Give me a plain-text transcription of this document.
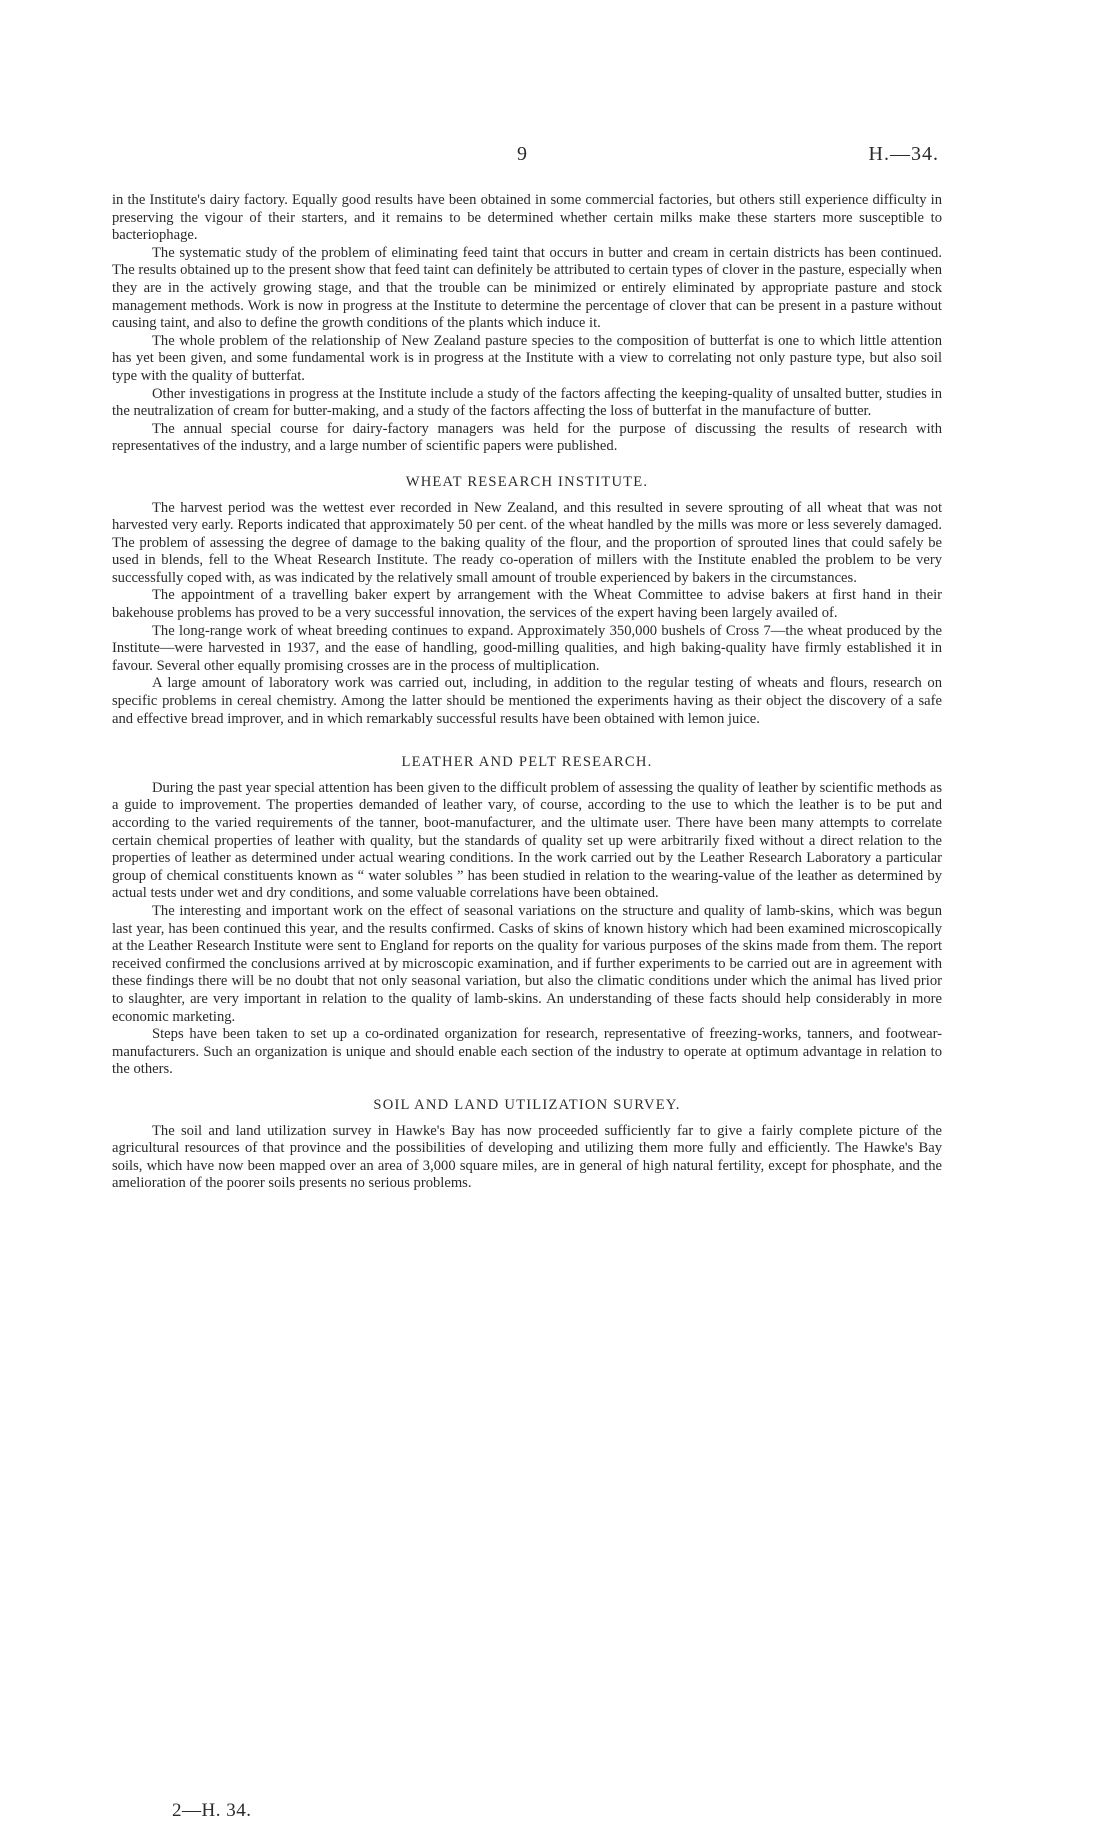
9	H.—34.

in the Institute's dairy factory. Equally good results have been obtained in some commercial factories, but others still experience difficulty in preserving the vigour of their starters, and it remains to be determined whether certain milks make these starters more susceptible to bacteriophage.

The systematic study of the problem of eliminating feed taint that occurs in butter and cream in certain districts has been continued. The results obtained up to the present show that feed taint can definitely be attributed to certain types of clover in the pasture, especially when they are in the actively growing stage, and that the trouble can be minimized or entirely eliminated by appropriate pasture and stock management methods. Work is now in progress at the Institute to determine the percentage of clover that can be present in a pasture without causing taint, and also to define the growth conditions of the plants which induce it.

The whole problem of the relationship of New Zealand pasture species to the composition of butterfat is one to which little attention has yet been given, and some fundamental work is in progress at the Institute with a view to correlating not only pasture type, but also soil type with the quality of butterfat.

Other investigations in progress at the Institute include a study of the factors affecting the keeping-quality of unsalted butter, studies in the neutralization of cream for butter-making, and a study of the factors affecting the loss of butterfat in the manufacture of butter.

The annual special course for dairy-factory managers was held for the purpose of discussing the results of research with representatives of the industry, and a large number of scientific papers were published.

WHEAT RESEARCH INSTITUTE.

The harvest period was the wettest ever recorded in New Zealand, and this resulted in severe sprouting of all wheat that was not harvested very early. Reports indicated that approximately 50 per cent. of the wheat handled by the mills was more or less severely damaged. The problem of assessing the degree of damage to the baking quality of the flour, and the proportion of sprouted lines that could safely be used in blends, fell to the Wheat Research Institute. The ready co-operation of millers with the Institute enabled the problem to be very successfully coped with, as was indicated by the relatively small amount of trouble experienced by bakers in the circumstances.

The appointment of a travelling baker expert by arrangement with the Wheat Committee to advise bakers at first hand in their bakehouse problems has proved to be a very successful innovation, the services of the expert having been largely availed of.

The long-range work of wheat breeding continues to expand. Approximately 350,000 bushels of Cross 7—the wheat produced by the Institute—were harvested in 1937, and the ease of handling, good-milling qualities, and high baking-quality have firmly established it in favour. Several other equally promising crosses are in the process of multiplication.

A large amount of laboratory work was carried out, including, in addition to the regular testing of wheats and flours, research on specific problems in cereal chemistry. Among the latter should be mentioned the experiments having as their object the discovery of a safe and effective bread improver, and in which remarkably successful results have been obtained with lemon juice.

LEATHER AND PELT RESEARCH.

During the past year special attention has been given to the difficult problem of assessing the quality of leather by scientific methods as a guide to improvement. The properties demanded of leather vary, of course, according to the use to which the leather is to be put and according to the varied requirements of the tanner, boot-manufacturer, and the ultimate user. There have been many attempts to correlate certain chemical properties of leather with quality, but the standards of quality set up were arbitrarily fixed without a direct relation to the properties of leather as determined under actual wearing conditions. In the work carried out by the Leather Research Laboratory a particular group of chemical constituents known as “ water solubles ” has been studied in relation to the wearing-value of the leather as determined by actual tests under wet and dry conditions, and some valuable correlations have been obtained.

The interesting and important work on the effect of seasonal variations on the structure and quality of lamb-skins, which was begun last year, has been continued this year, and the results confirmed. Casks of skins of known history which had been examined microscopically at the Leather Research Institute were sent to England for reports on the quality for various purposes of the skins made from them. The report received confirmed the conclusions arrived at by microscopic examination, and if further experiments to be carried out are in agreement with these findings there will be no doubt that not only seasonal variation, but also the climatic conditions under which the animal has lived prior to slaughter, are very important in relation to the quality of lamb-skins. An understanding of these facts should help considerably in more economic marketing.

Steps have been taken to set up a co-ordinated organization for research, representative of freezing-works, tanners, and footwear-manufacturers. Such an organization is unique and should enable each section of the industry to operate at optimum advantage in relation to the others.

SOIL AND LAND UTILIZATION SURVEY.

The soil and land utilization survey in Hawke's Bay has now proceeded sufficiently far to give a fairly complete picture of the agricultural resources of that province and the possibilities of developing and utilizing them more fully and efficiently. The Hawke's Bay soils, which have now been mapped over an area of 3,000 square miles, are in general of high natural fertility, except for phosphate, and the amelioration of the poorer soils presents no serious problems.

2—H. 34.
